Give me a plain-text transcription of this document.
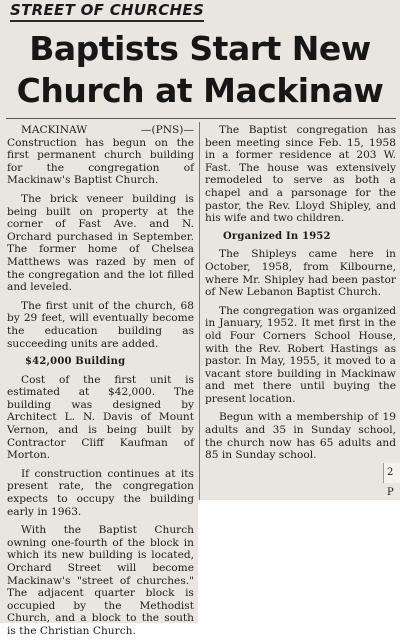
STREET OF CHURCHES
Baptists Start New
Church at Mackinaw

MACKINAW —(PNS)— Construction has begun on the first permanent church building for the congregation of Mackinaw's Baptist Church.

The brick veneer building is being built on property at the corner of Fast Ave. and N. Orchard purchased in September. The former home of Chelsea Matthews was razed by men of the congregation and the lot filled and leveled.

The first unit of the church, 68 by 29 feet, will eventually become the education building as succeeding units are added.

$42,000 Building

Cost of the first unit is estimated at $42,000. The building was designed by Architect L. N. Davis of Mount Vernon, and is being built by Contractor Cliff Kaufman of Morton.

If construction continues at its present rate, the congregation expects to occupy the building early in 1963.

With the Baptist Church owning one-fourth of the block in which its new building is located, Orchard Street will become Mackinaw's "street of churches." The adjacent quarter block is occupied by the Methodist Church, and a block to the south is the Christian Church.

The Baptist congregation has been meeting since Feb. 15, 1958 in a former residence at 203 W. Fast. The house was extensively remodeled to serve as both a chapel and a parsonage for the pastor, the Rev. Lloyd Shipley, and his wife and two children.

Organized In 1952

The Shipleys came here in October, 1958, from Kilbourne, where Mr. Shipley had been pastor of New Lebanon Baptist Church.

The congregation was organized in January, 1952. It met first in the old Four Corners School House, with the Rev. Robert Hastings as pastor. In May, 1955, it moved to a vacant store building in Mackinaw and met there until buying the present location.

Begun with a membership of 19 adults and 35 in Sunday school, the church now has 65 adults and 85 in Sunday school.

2 P
